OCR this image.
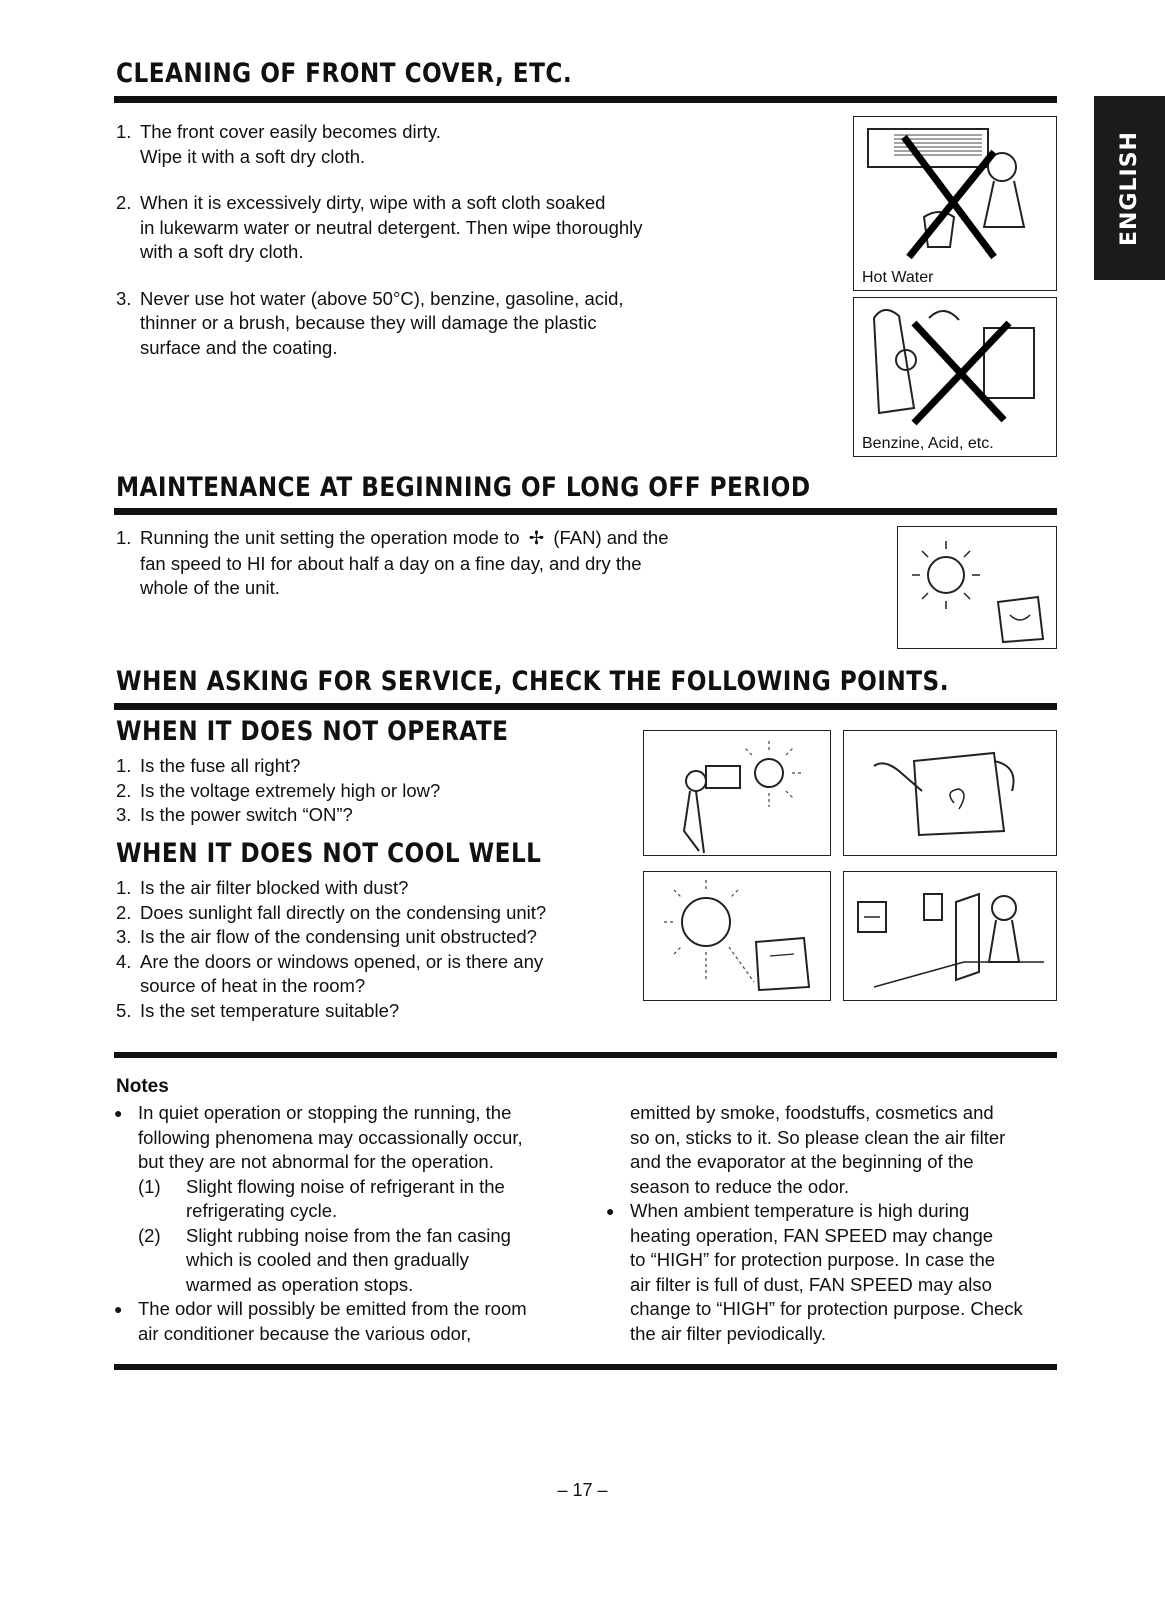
CLEANING OF FRONT COVER, ETC.
1. The front cover easily becomes dirty.
Wipe it with a soft dry cloth.
2. When it is excessively dirty, wipe with a soft cloth soaked
in lukewarm water or neutral detergent. Then wipe thoroughly
with a soft dry cloth.
3. Never use hot water (above 50°C), benzine, gasoline, acid,
thinner or a brush, because they will damage the plastic
surface and the coating.
Hot Water
Benzine, Acid, etc.
ENGLISH
MAINTENANCE AT BEGINNING OF LONG OFF PERIOD
1. Running the unit setting the operation mode to ✢ (FAN) and the
fan speed to HI for about half a day on a fine day, and dry the
whole of the unit.
WHEN ASKING FOR SERVICE, CHECK THE FOLLOWING POINTS.
WHEN IT DOES NOT OPERATE
1. Is the fuse all right?
2. Is the voltage extremely high or low?
3. Is the power switch “ON”?
WHEN IT DOES NOT COOL WELL
1. Is the air filter blocked with dust?
2. Does sunlight fall directly on the condensing unit?
3. Is the air flow of the condensing unit obstructed?
4. Are the doors or windows opened, or is there any
source of heat in the room?
5. Is the set temperature suitable?
Notes
● In quiet operation or stopping the running, the
following phenomena may occassionally occur,
but they are not abnormal for the operation.
(1)	Slight flowing noise of refrigerant in the
refrigerating cycle.
(2)	Slight rubbing noise from the fan casing
which is cooled and then gradually
warmed as operation stops.
● The odor will possibly be emitted from the room
air conditioner because the various odor,
emitted by smoke, foodstuffs, cosmetics and
so on, sticks to it. So please clean the air filter
and the evaporator at the beginning of the
season to reduce the odor.
● When ambient temperature is high during
heating operation, FAN SPEED may change
to “HIGH” for protection purpose. In case the
air filter is full of dust, FAN SPEED may also
change to “HIGH” for protection purpose. Check
the air filter peviodically.
– 17 –
